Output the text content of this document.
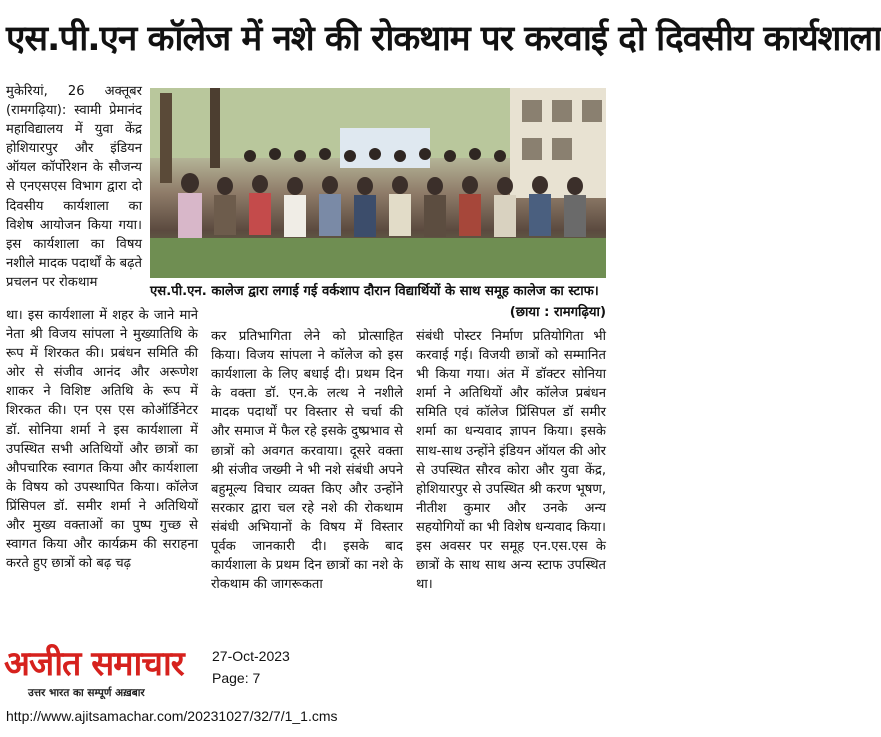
एस.पी.एन कॉलेज में नशे की रोकथाम पर करवाई दो दिवसीय कार्यशाला

मुकेरियां, 26 अक्तूबर (रामगढ़िया): स्वामी प्रेमानंद महाविद्यालय में युवा केंद्र होशियारपुर और इंडियन ऑयल कॉर्पोरेशन के सौजन्य से एनएसएस विभाग द्वारा दो दिवसीय कार्यशाला का विशेष आयोजन किया गया। इस कार्यशाला का विषय नशीले मादक पदार्थों के बढ़ते प्रचलन पर रोकथाम

एस.पी.एन. कालेज द्वारा लगाई गई वर्कशाप दौरान विद्यार्थियों के साथ समूह कालेज का स्टाफ।
(छाया : रामगढ़िया)

था। इस कार्यशाला में शहर के जाने माने नेता श्री विजय सांपला ने मुख्यातिथि के रूप में शिरकत की। प्रबंधन समिति की ओर से संजीव आनंद और अरूणेश शाकर ने विशिष्ट अतिथि के रूप में शिरकत की। एन एस एस कोऑर्डिनेटर डॉ. सोनिया शर्मा ने इस कार्यशाला में उपस्थित सभी अतिथियों और छात्रों का औपचारिक स्वागत किया और कार्यशाला के विषय को उपस्थापित किया। कॉलेज प्रिंसिपल डॉ. समीर शर्मा ने अतिथियों और मुख्य वक्ताओं का पुष्प गुच्छ से स्वागत किया और कार्यक्रम की सराहना करते हुए छात्रों को बढ़ चढ़

कर प्रतिभागिता लेने को प्रोत्साहित किया। विजय सांपला ने कॉलेज को इस कार्यशाला के लिए बधाई दी। प्रथम दिन के वक्ता डॉ. एन.के लत्थ ने नशीले मादक पदार्थों पर विस्तार से चर्चा की और समाज में फैल रहे इसके दुष्प्रभाव से छात्रों को अवगत करवाया। दूसरे वक्ता श्री संजीव जख्मी ने भी नशे संबंधी अपने बहुमूल्य विचार व्यक्त किए और उन्होंने सरकार द्वारा चल रहे नशे की रोकथाम संबंधी अभियानों के विषय में विस्तार पूर्वक जानकारी दी। इसके बाद कार्यशाला के प्रथम दिन छात्रों का नशे के रोकथाम की जागरूकता

संबंधी पोस्टर निर्माण प्रतियोगिता भी करवाई गई। विजयी छात्रों को सम्मानित भी किया गया। अंत में डॉक्टर सोनिया शर्मा ने अतिथियों और कॉलेज प्रबंधन समिति एवं कॉलेज प्रिंसिपल डॉ समीर शर्मा का धन्यवाद ज्ञापन किया। इसके साथ-साथ उन्होंने इंडियन ऑयल की ओर से उपस्थित सौरव कोरा और युवा केंद्र, होशियारपुर से उपस्थित श्री करण भूषण, नीतीश कुमार और उनके अन्य सहयोगियों का भी विशेष धन्यवाद किया। इस अवसर पर समूह एन.एस.एस के छात्रों के साथ साथ अन्य स्टाफ उपस्थित था।

अजीत समाचार
उत्तर भारत का सम्पूर्ण अख़बार
27-Oct-2023
Page: 7
http://www.ajitsamachar.com/20231027/32/7/1_1.cms
